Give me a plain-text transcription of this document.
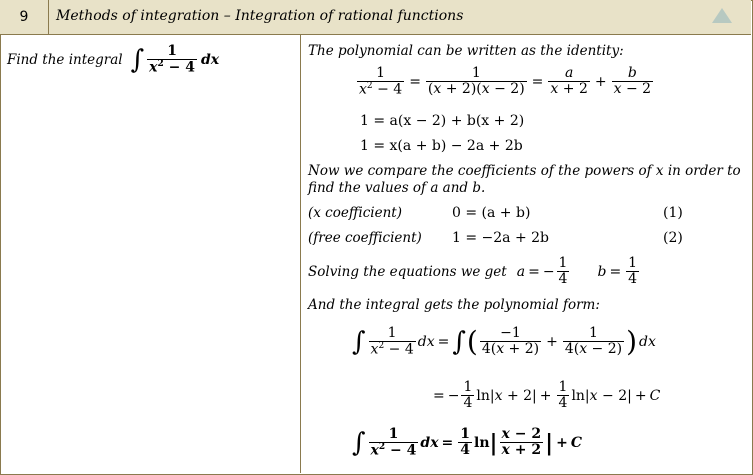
9	Methods of integration – Integration of rational functions
Find the integral ∫ $\frac{1}{x^2 - 4}$ dx
The polynomial can be written as the identity:
$\frac{1}{x^2 - 4} = \frac{1}{(x + 2)(x - 2)} = \frac{a}{x + 2} + \frac{b}{x - 2}$
1 = a(x − 2) + b(x + 2)
1 = x(a + b) − 2a + 2b
Now we compare the coefficients of the powers of x in order to
find the values of a and b.
(x coefficient)	0 = (a + b)	(1)
(free coefficient) 1 = −2a + 2b	(2)
Solving the equations we get a = − $\frac{1}{4}$ $b = \frac{1}{4}$
And the integral gets the polynomial form:
∫ $\frac{1}{x^2 - 4}$ dx = ∫ ( $\frac{-1}{4(x + 2)} + \frac{1}{4(x - 2)}$ ) dx
= − $\frac{1}{4} \ln|x + 2| + \frac{1}{4} \ln|x - 2| + C$
∫ $\frac{1}{x^2 - 4}$ dx = $\frac{1}{4}$ ln | $\frac{x - 2}{x + 2}$ | + C
